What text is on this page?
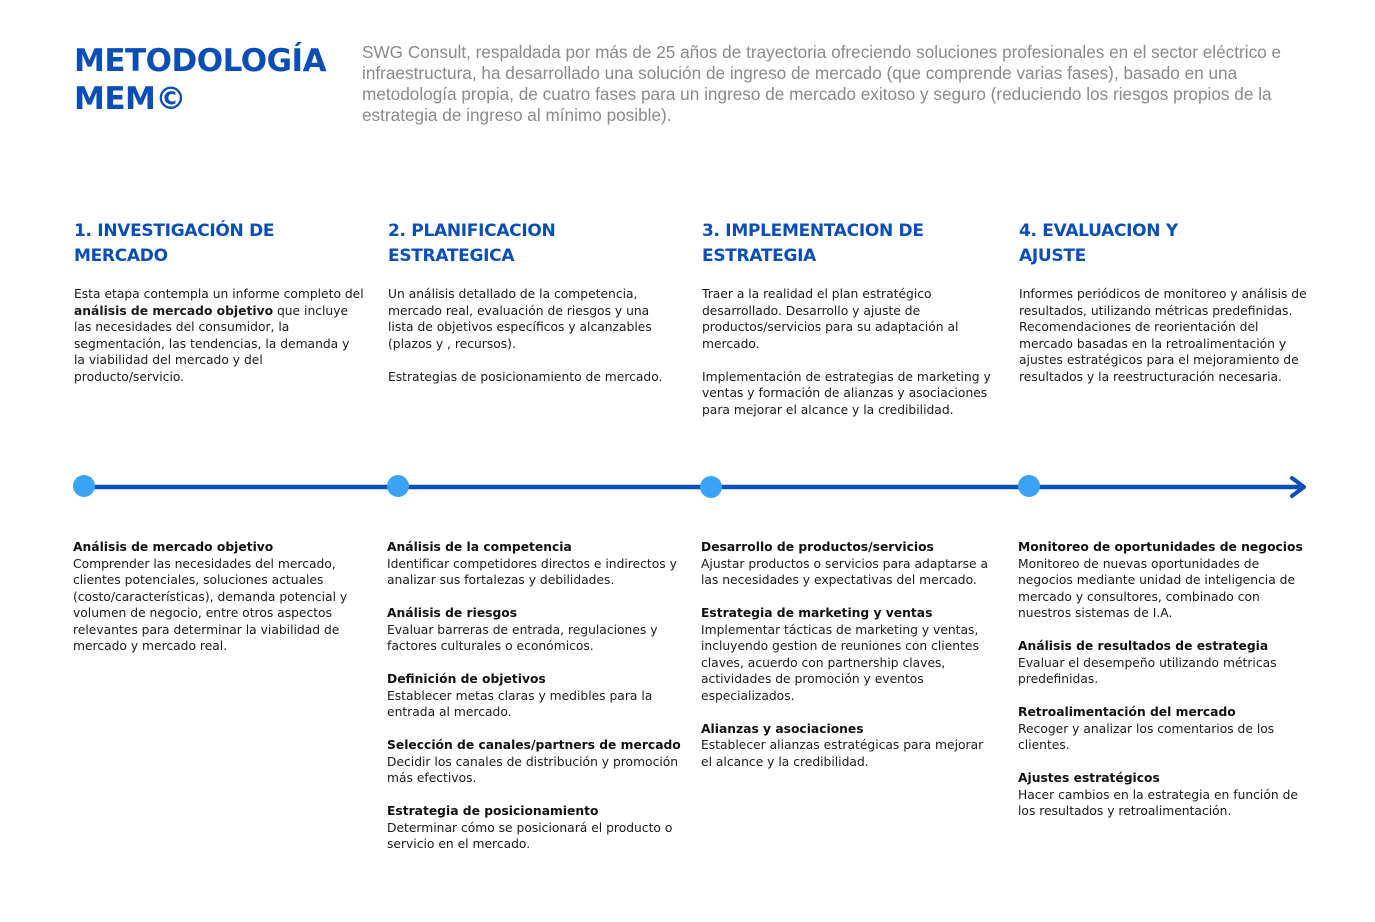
METODOLOGÍA
MEM©

SWG Consult, respaldada por más de 25 años de trayectoria ofreciendo soluciones profesionales en el sector eléctrico e infraestructura, ha desarrollado una solución de ingreso de mercado (que comprende varias fases), basado en una metodología propia, de cuatro fases para un ingreso de mercado exitoso y seguro (reduciendo los riesgos propios de la estrategia de ingreso al mínimo posible).

1. INVESTIGACIÓN DE
MERCADO

Esta etapa contempla un informe completo del análisis de mercado objetivo que incluye las necesidades del consumidor, la segmentación, las tendencias, la demanda y la viabilidad del mercado y del producto/servicio.

2. PLANIFICACION
ESTRATEGICA

Un análisis detallado de la competencia, mercado real, evaluación de riesgos y una lista de objetivos específicos y alcanzables (plazos y , recursos).

Estrategias de posicionamiento de mercado.

3. IMPLEMENTACION DE
ESTRATEGIA

Traer a la realidad el plan estratégico desarrollado. Desarrollo y ajuste de productos/servicios para su adaptación al mercado.

Implementación de estrategias de marketing y ventas y formación de alianzas y asociaciones para mejorar el alcance y la credibilidad.

4. EVALUACION Y
AJUSTE

Informes periódicos de monitoreo y análisis de resultados, utilizando métricas predefinidas. Recomendaciones de reorientación del mercado basadas en la retroalimentación y ajustes estratégicos para el mejoramiento de resultados y la reestructuración necesaria.

Análisis de mercado objetivo
Comprender las necesidades del mercado, clientes potenciales, soluciones actuales (costo/características), demanda potencial y volumen de negocio, entre otros aspectos relevantes para determinar la viabilidad de mercado y mercado real.
Análisis de la competencia
Identificar competidores directos e indirectos y analizar sus fortalezas y debilidades.
Análisis de riesgos
Evaluar barreras de entrada, regulaciones y factores culturales o económicos.
Definición de objetivos
Establecer metas claras y medibles para la entrada al mercado.
Selección de canales/partners de mercado
Decidir los canales de distribución y promoción más efectivos.
Estrategia de posicionamiento
Determinar cómo se posicionará el producto o servicio en el mercado.
Desarrollo de productos/servicios
Ajustar productos o servicios para adaptarse a las necesidades y expectativas del mercado.
Estrategia de marketing y ventas
Implementar tácticas de marketing y ventas, incluyendo gestion de reuniones con clientes claves, acuerdo con partnership claves, actividades de promoción y eventos especializados.
Alianzas y asociaciones
Establecer alianzas estratégicas para mejorar el alcance y la credibilidad.
Monitoreo de oportunidades de negocios
Monitoreo de nuevas oportunidades de negocios mediante unidad de inteligencia de mercado y consultores, combinado con nuestros sistemas de I.A.
Análisis de resultados de estrategia
Evaluar el desempeño utilizando métricas predefinidas.
Retroalimentación del mercado
Recoger y analizar los comentarios de los clientes.
Ajustes estratégicos
Hacer cambios en la estrategia en función de los resultados y retroalimentación.
